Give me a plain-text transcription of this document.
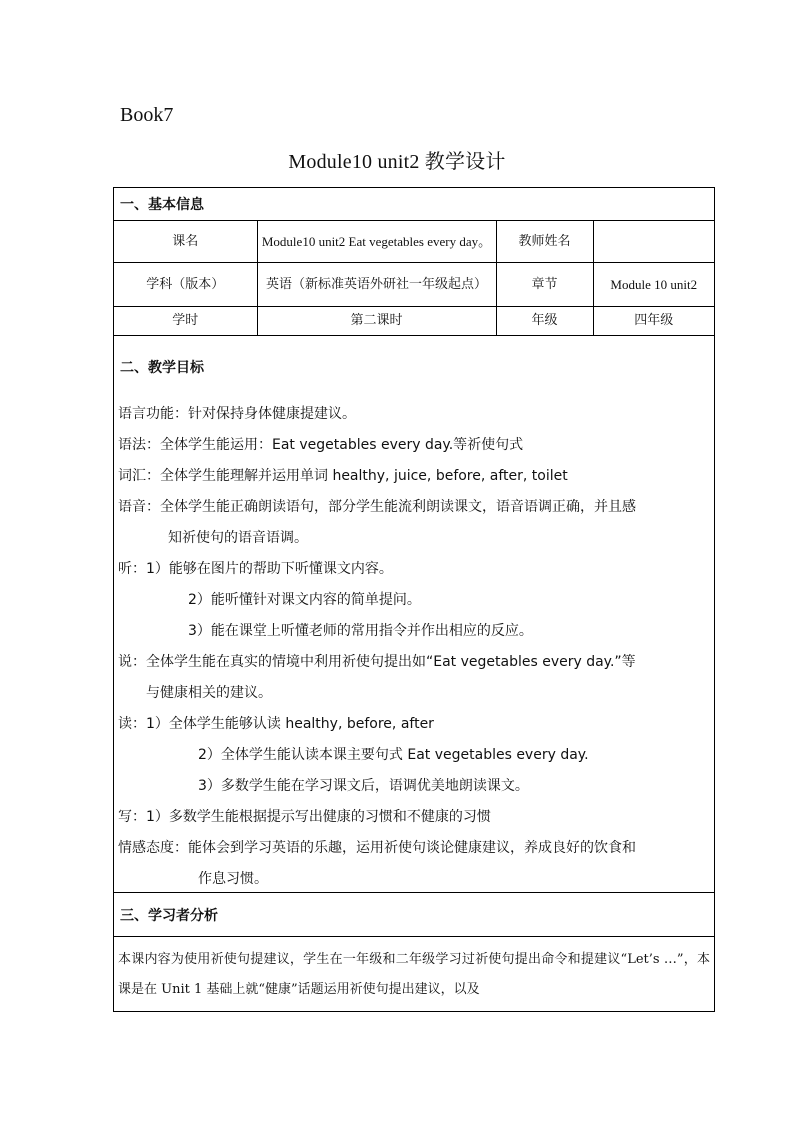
Book7
Module10 unit2 教学设计
一、基本信息
课名	Module10 unit2 Eat vegetables every day。	教师姓名	
学科（版本）	英语（新标准英语外研社一年级起点）	章节	Module 10 unit2
学时	第二课时	年级	四年级
二、教学目标
语言功能：针对保持身体健康提建议。
语法：全体学生能运用：Eat vegetables every day.等祈使句式
词汇：全体学生能理解并运用单词 healthy, juice, before, after, toilet
语音：全体学生能正确朗读语句，部分学生能流利朗读课文，语音语调正确，并且感
知祈使句的语音语调。
听：1）能够在图片的帮助下听懂课文内容。
2）能听懂针对课文内容的简单提问。
3）能在课堂上听懂老师的常用指令并作出相应的反应。
说：全体学生能在真实的情境中利用祈使句提出如“Eat vegetables every day.”等
与健康相关的建议。
读：1）全体学生能够认读 healthy, before, after
2）全体学生能认读本课主要句式 Eat vegetables every day.
3）多数学生能在学习课文后，语调优美地朗读课文。
写：1）多数学生能根据提示写出健康的习惯和不健康的习惯
情感态度：能体会到学习英语的乐趣，运用祈使句谈论健康建议，养成良好的饮食和
作息习惯。
三、学习者分析
本课内容为使用祈使句提建议，学生在一年级和二年级学习过祈使句提出命令和提建议“Let’s …”，本课是在 Unit 1 基础上就“健康”话题运用祈使句提出建议，以及
